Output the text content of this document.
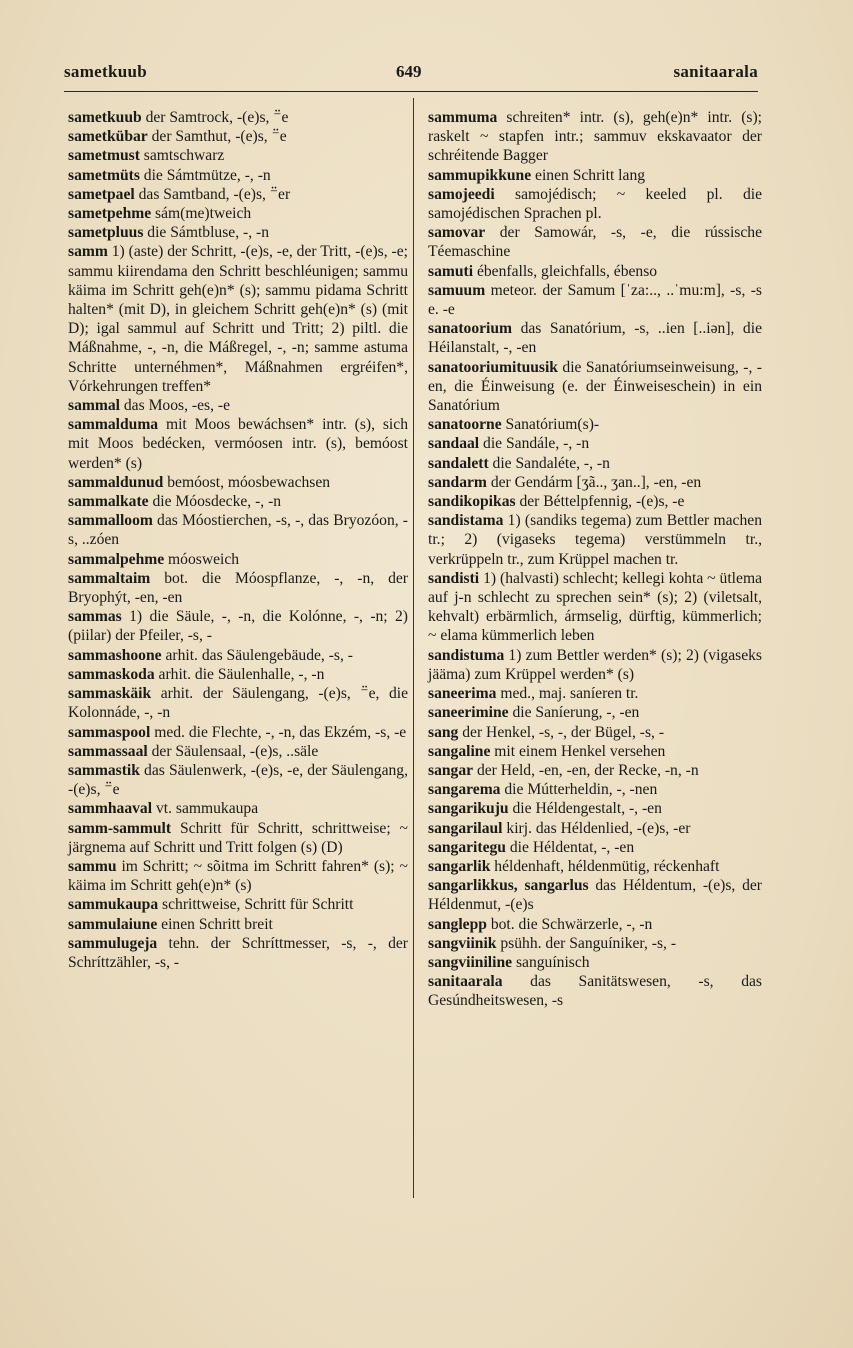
sametkuub	649	sanitaarala
sametkuub der Samtrock, -(e)s, ⁻̈e
sametkübar der Samthut, -(e)s, ⁻̈e
sametmust samtschwarz
sametmüts die Sámtmütze, -, -n
sametpael das Samtband, -(e)s, ⁻̈er
sametpehme sám(me)tweich
sametpluus die Sámtbluse, -, -n
samm 1) (aste) der Schritt, -(e)s, -e, der Tritt, -(e)s, -e; sammu kiirendama den Schritt beschléunigen; sammu käima im Schritt geh(e)n* (s); sammu pidama Schritt halten* (mit D), in gleichem Schritt geh(e)n* (s) (mit D); igal sammul auf Schritt und Tritt; 2) piltl. die Máßnahme, -, -n, die Máßregel, -, -n; samme astuma Schritte unternéhmen*, Máßnahmen ergréifen*, Vórkehrungen treffen*
sammal das Moos, -es, -e
sammalduma mit Moos bewáchsen* intr. (s), sich mit Moos bedécken, vermóosen intr. (s), bemóost werden* (s)
sammaldunud bemóost, móosbewachsen
sammalkate die Móosdecke, -, -n
sammalloom das Móostierchen, -s, -, das Bryozóon, -s, ..zóen
sammalpehme móosweich
sammaltaim bot. die Móospflanze, -, -n, der Bryophýt, -en, -en
sammas 1) die Säule, -, -n, die Kolónne, -, -n; 2) (piilar) der Pfeiler, -s, -
sammashoone arhit. das Säulengebäude, -s, -
sammaskoda arhit. die Säulenhalle, -, -n
sammaskäik arhit. der Säulengang, -(e)s, ⁻̈e, die Kolonnáde, -, -n
sammaspool med. die Flechte, -, -n, das Ekzém, -s, -e
sammassaal der Säulensaal, -(e)s, ..säle
sammastik das Säulenwerk, -(e)s, -e, der Säulengang, -(e)s, ⁻̈e
sammhaaval vt. sammukaupa
samm-sammult Schritt für Schritt, schrittweise; ~ järgnema auf Schritt und Tritt folgen (s) (D)
sammu im Schritt; ~ sõitma im Schritt fahren* (s); ~ käima im Schritt geh(e)n* (s)
sammukaupa schrittweise, Schritt für Schritt
sammulaiune einen Schritt breit
sammulugeja tehn. der Schríttmesser, -s, -, der Schríttzähler, -s, -
sammuma schreiten* intr. (s), geh(e)n* intr. (s); raskelt ~ stapfen intr.; sammuv ekskavaator der schréitende Bagger
sammupikkune einen Schritt lang
samojeedi samojédisch; ~ keeled pl. die samojédischen Sprachen pl.
samovar der Samowár, -s, -e, die rússische Téemaschine
samuti ébenfalls, gleichfalls, ébenso
samuum meteor. der Samum [ˈza:.., ..ˈmu:m], -s, -s e. -e
sanatoorium das Sanatórium, -s, ..ien [..iən], die Héilanstalt, -, -en
sanatooriumituusik die Sanatóriumseinweisung, -, -en, die Éinweisung (e. der Éinweiseschein) in ein Sanatórium
sanatoorne Sanatórium(s)-
sandaal die Sandále, -, -n
sandalett die Sandaléte, -, -n
sandarm der Gendárm [ʒã.., ʒan..], -en, -en
sandikopikas der Béttelpfennig, -(e)s, -e
sandistama 1) (sandiks tegema) zum Bettler machen tr.; 2) (vigaseks tegema) verstümmeln tr., verkrüppeln tr., zum Krüppel machen tr.
sandisti 1) (halvasti) schlecht; kellegi kohta ~ ütlema auf j-n schlecht zu sprechen sein* (s); 2) (viletsalt, kehvalt) erbärmlich, ármselig, dürftig, kümmerlich; ~ elama kümmerlich leben
sandistuma 1) zum Bettler werden* (s); 2) (vigaseks jääma) zum Krüppel werden* (s)
saneerima med., maj. saníeren tr.
saneerimine die Saníerung, -, -en
sang der Henkel, -s, -, der Bügel, -s, -
sangaline mit einem Henkel versehen
sangar der Held, -en, -en, der Recke, -n, -n
sangarema die Mútterheldin, -, -nen
sangarikuju die Héldengestalt, -, -en
sangarilaul kirj. das Héldenlied, -(e)s, -er
sangaritegu die Héldentat, -, -en
sangarlik héldenhaft, héldenmütig, réckenhaft
sangarlikkus, sangarlus das Héldentum, -(e)s, der Héldenmut, -(e)s
sanglepp bot. die Schwärzerle, -, -n
sangviinik psühh. der Sanguíniker, -s, -
sangviiniline sanguínisch
sanitaarala das Sanitätswesen, -s, das Gesúndheitswesen, -s
